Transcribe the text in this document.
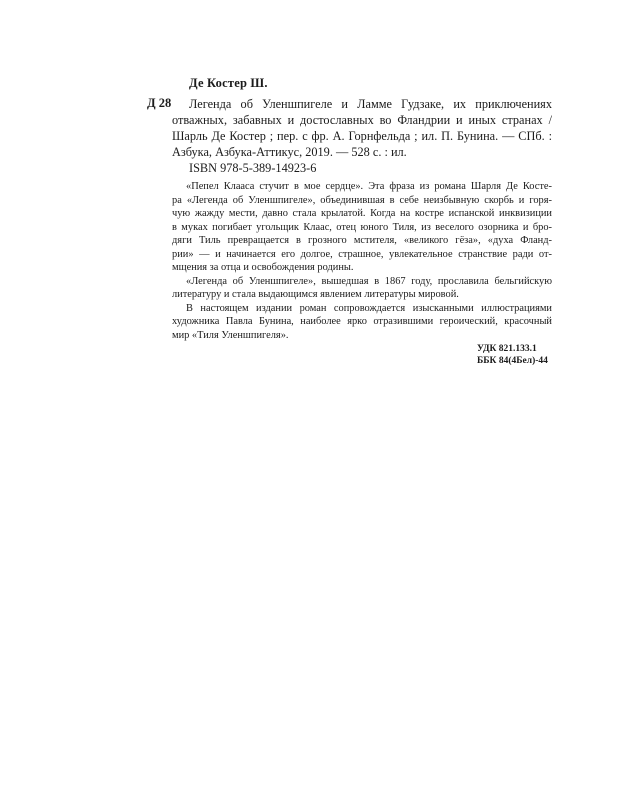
Де Костер Ш.
Д 28 Легенда об Уленшпигеле и Ламме Гудзаке, их приключениях
отважных, забавных и достославных во Фландрии и иных странах /
Шарль Де Костер ; пер. с фр. А. Горнфельда ; ил. П. Бунина. — СПб. :
Азбука, Азбука-Аттикус, 2019. — 528 с. : ил.
ISBN 978-5-389-14923-6
«Пепел Клааса стучит в мое сердце». Эта фраза из романа Шарля Де Косте-
ра «Легенда об Уленшпигеле», объединившая в себе неизбывную скорбь и горя-
чую жажду мести, давно стала крылатой. Когда на костре испанской инквизиции
в муках погибает угольщик Клаас, отец юного Тиля, из веселого озорника и бро-
дяги Тиль превращается в грозного мстителя, «великого гёза», «духа Фланд-
рии» — и начинается его долгое, страшное, увлекательное странствие ради от-
мщения за отца и освобождения родины.
«Легенда об Уленшпигеле», вышедшая в 1867 году, прославила бельгийскую
литературу и стала выдающимся явлением литературы мировой.
В настоящем издании роман сопровождается изысканными иллюстрациями
художника Павла Бунина, наиболее ярко отразившими героический, красочный
мир «Тиля Уленшпигеля».
УДК 821.133.1
ББК 84(4Бел)-44
